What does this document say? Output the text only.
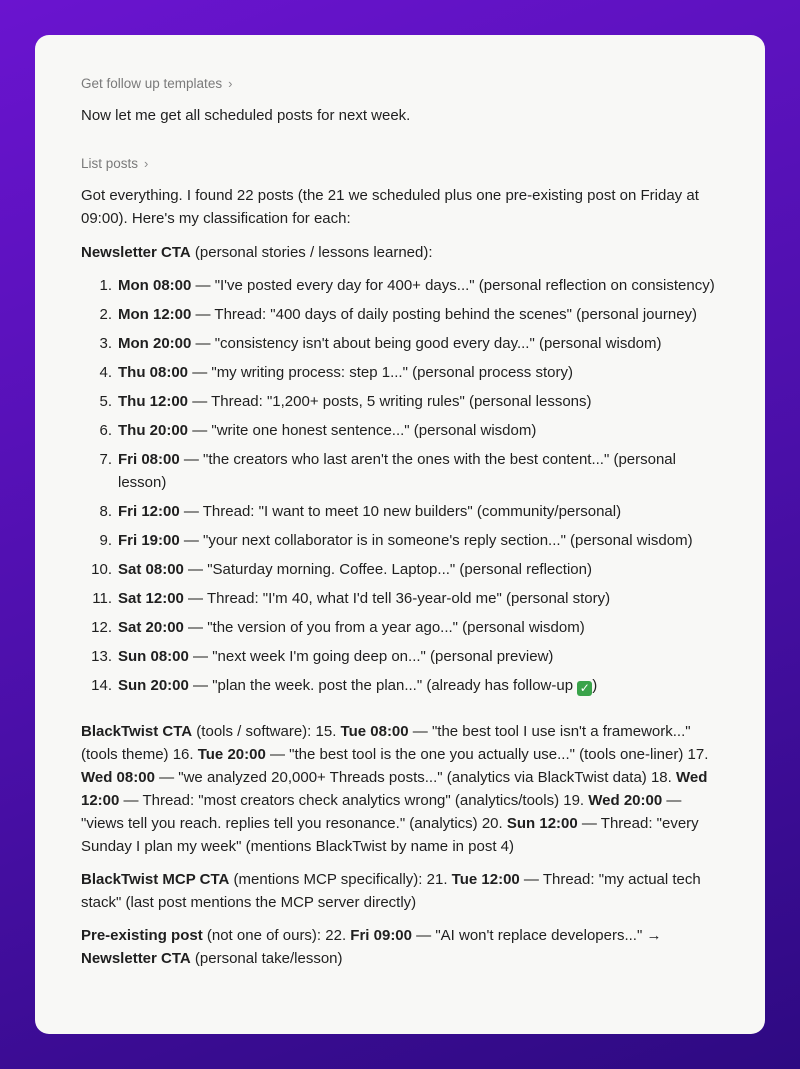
Get follow up templates ›

Now let me get all scheduled posts for next week.

List posts ›

Got everything. I found 22 posts (the 21 we scheduled plus one pre-existing post on Friday at 09:00). Here's my classification for each:

Newsletter CTA (personal stories / lessons learned):

1. Mon 08:00 — "I've posted every day for 400+ days..." (personal reflection on consistency)
2. Mon 12:00 — Thread: "400 days of daily posting behind the scenes" (personal journey)
3. Mon 20:00 — "consistency isn't about being good every day..." (personal wisdom)
4. Thu 08:00 — "my writing process: step 1..." (personal process story)
5. Thu 12:00 — Thread: "1,200+ posts, 5 writing rules" (personal lessons)
6. Thu 20:00 — "write one honest sentence..." (personal wisdom)
7. Fri 08:00 — "the creators who last aren't the ones with the best content..." (personal lesson)
8. Fri 12:00 — Thread: "I want to meet 10 new builders" (community/personal)
9. Fri 19:00 — "your next collaborator is in someone's reply section..." (personal wisdom)
10. Sat 08:00 — "Saturday morning. Coffee. Laptop..." (personal reflection)
11. Sat 12:00 — Thread: "I'm 40, what I'd tell 36-year-old me" (personal story)
12. Sat 20:00 — "the version of you from a year ago..." (personal wisdom)
13. Sun 08:00 — "next week I'm going deep on..." (personal preview)
14. Sun 20:00 — "plan the week. post the plan..." (already has follow-up ✓ )

BlackTwist CTA (tools / software): 15. Tue 08:00 — "the best tool I use isn't a framework..." (tools theme) 16. Tue 20:00 — "the best tool is the one you actually use..." (tools one-liner) 17. Wed 08:00 — "we analyzed 20,000+ Threads posts..." (analytics via BlackTwist data) 18. Wed 12:00 — Thread: "most creators check analytics wrong" (analytics/tools) 19. Wed 20:00 — "views tell you reach. replies tell you resonance." (analytics) 20. Sun 12:00 — Thread: "every Sunday I plan my week" (mentions BlackTwist by name in post 4)

BlackTwist MCP CTA (mentions MCP specifically): 21. Tue 12:00 — Thread: "my actual tech stack" (last post mentions the MCP server directly)

Pre-existing post (not one of ours): 22. Fri 09:00 — "AI won't replace developers..." → Newsletter CTA (personal take/lesson)
